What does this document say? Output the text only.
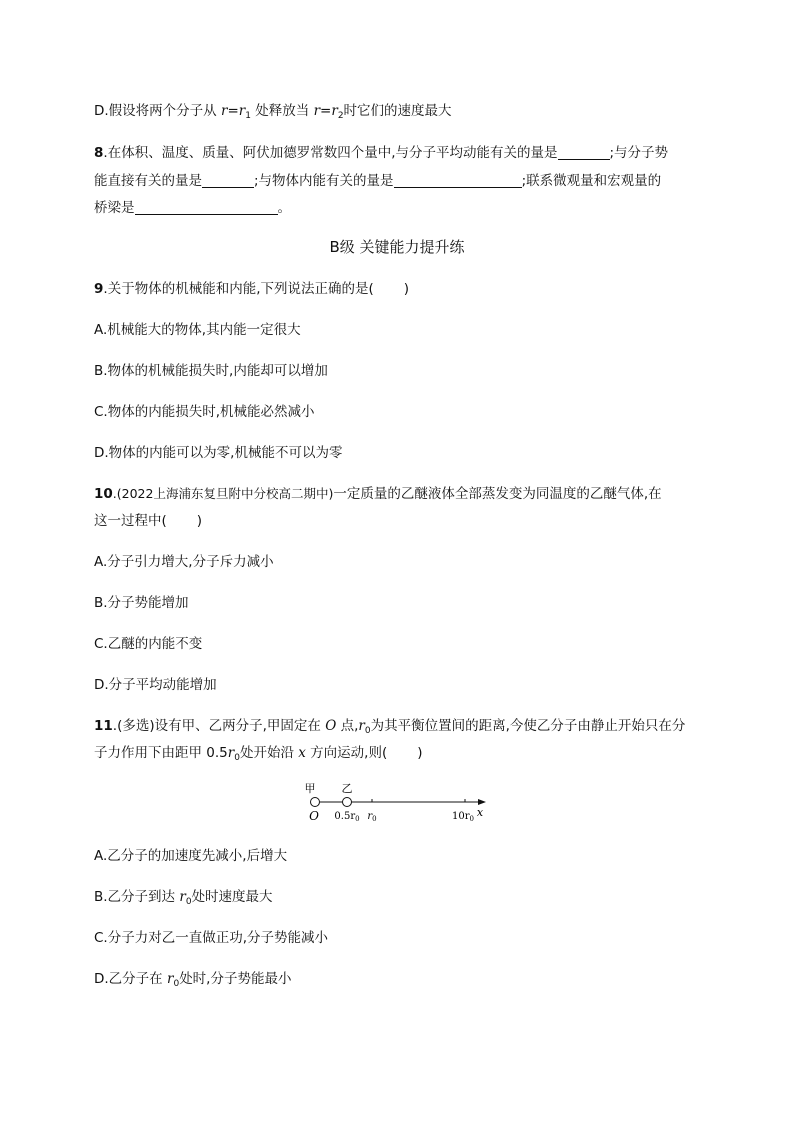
D.假设将两个分子从 $r=r_1$ 处释放当 $r=r_2$时它们的速度最大
8.在体积、温度、质量、阿伏加德罗常数四个量中,与分子平均动能有关的量是	;与分子势
能直接有关的量是	;与物体内能有关的量是	;联系微观量和宏观量的
桥梁是	。
B级 关键能力提升练
9.关于物体的机械能和内能,下列说法正确的是( )
A.机械能大的物体,其内能一定很大
B.物体的机械能损失时,内能却可以增加
C.物体的内能损失时,机械能必然减小
D.物体的内能可以为零,机械能不可以为零
10.(2022上海浦东复旦附中分校高二期中)一定质量的乙醚液体全部蒸发变为同温度的乙醚气体,在
这一过程中( )
A.分子引力增大,分子斥力减小
B.分子势能增加
C.乙醚的内能不变
D.分子平均动能增加
11.(多选)设有甲、乙两分子,甲固定在 O 点$,r_0$为其平衡位置间的距离,今使乙分子由静止开始只在分
子力作用下由距甲 $0.5r_0$处开始沿 x 方向运动,则( )
甲 乙
O $0.5r_0$ $r_0$	$10r_0$ x
A.乙分子的加速度先减小,后增大
B.乙分子到达 $r_0$处时速度最大
C.分子力对乙一直做正功,分子势能减小
D.乙分子在 $r_0$处时,分子势能最小
